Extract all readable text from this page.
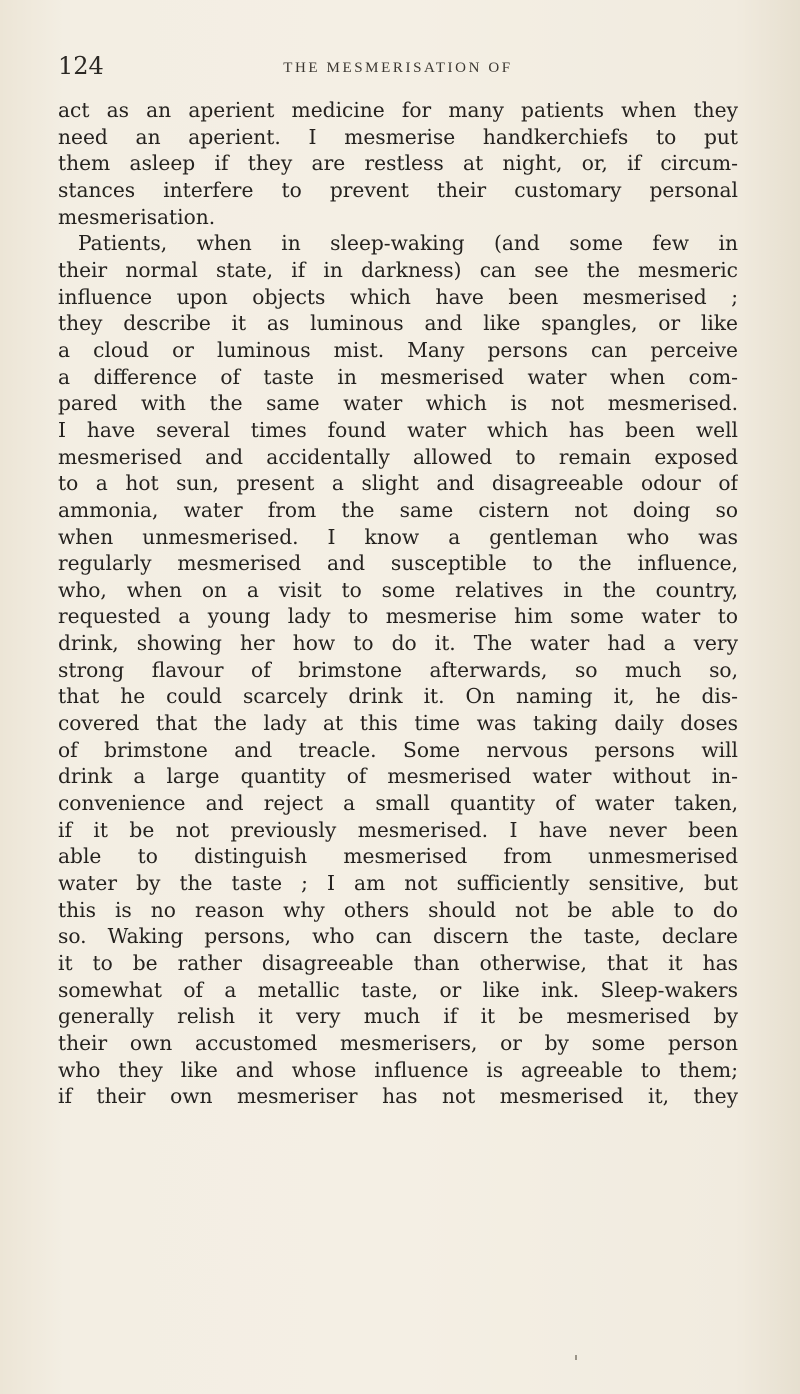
124	THE MESMERISATION OF
act as an aperient medicine for many patients when they
need an aperient. I mesmerise handkerchiefs to put
them asleep if they are restless at night, or, if circum-
stances interfere to prevent their customary personal
mesmerisation.
Patients, when in sleep-waking (and some few in
their normal state, if in darkness) can see the mesmeric
influence upon objects which have been mesmerised ;
they describe it as luminous and like spangles, or like
a cloud or luminous mist. Many persons can perceive
a difference of taste in mesmerised water when com-
pared with the same water which is not mesmerised.
I have several times found water which has been well
mesmerised and accidentally allowed to remain exposed
to a hot sun, present a slight and disagreeable odour of
ammonia, water from the same cistern not doing so
when unmesmerised. I know a gentleman who was
regularly mesmerised and susceptible to the influence,
who, when on a visit to some relatives in the country,
requested a young lady to mesmerise him some water to
drink, showing her how to do it. The water had a very
strong flavour of brimstone afterwards, so much so,
that he could scarcely drink it. On naming it, he dis-
covered that the lady at this time was taking daily doses
of brimstone and treacle. Some nervous persons will
drink a large quantity of mesmerised water without in-
convenience and reject a small quantity of water taken,
if it be not previously mesmerised. I have never been
able to distinguish mesmerised from unmesmerised
water by the taste ; I am not sufficiently sensitive, but
this is no reason why others should not be able to do
so. Waking persons, who can discern the taste, declare
it to be rather disagreeable than otherwise, that it has
somewhat of a metallic taste, or like ink. Sleep-wakers
generally relish it very much if it be mesmerised by
their own accustomed mesmerisers, or by some person
who they like and whose influence is agreeable to them;
if their own mesmeriser has not mesmerised it, they
